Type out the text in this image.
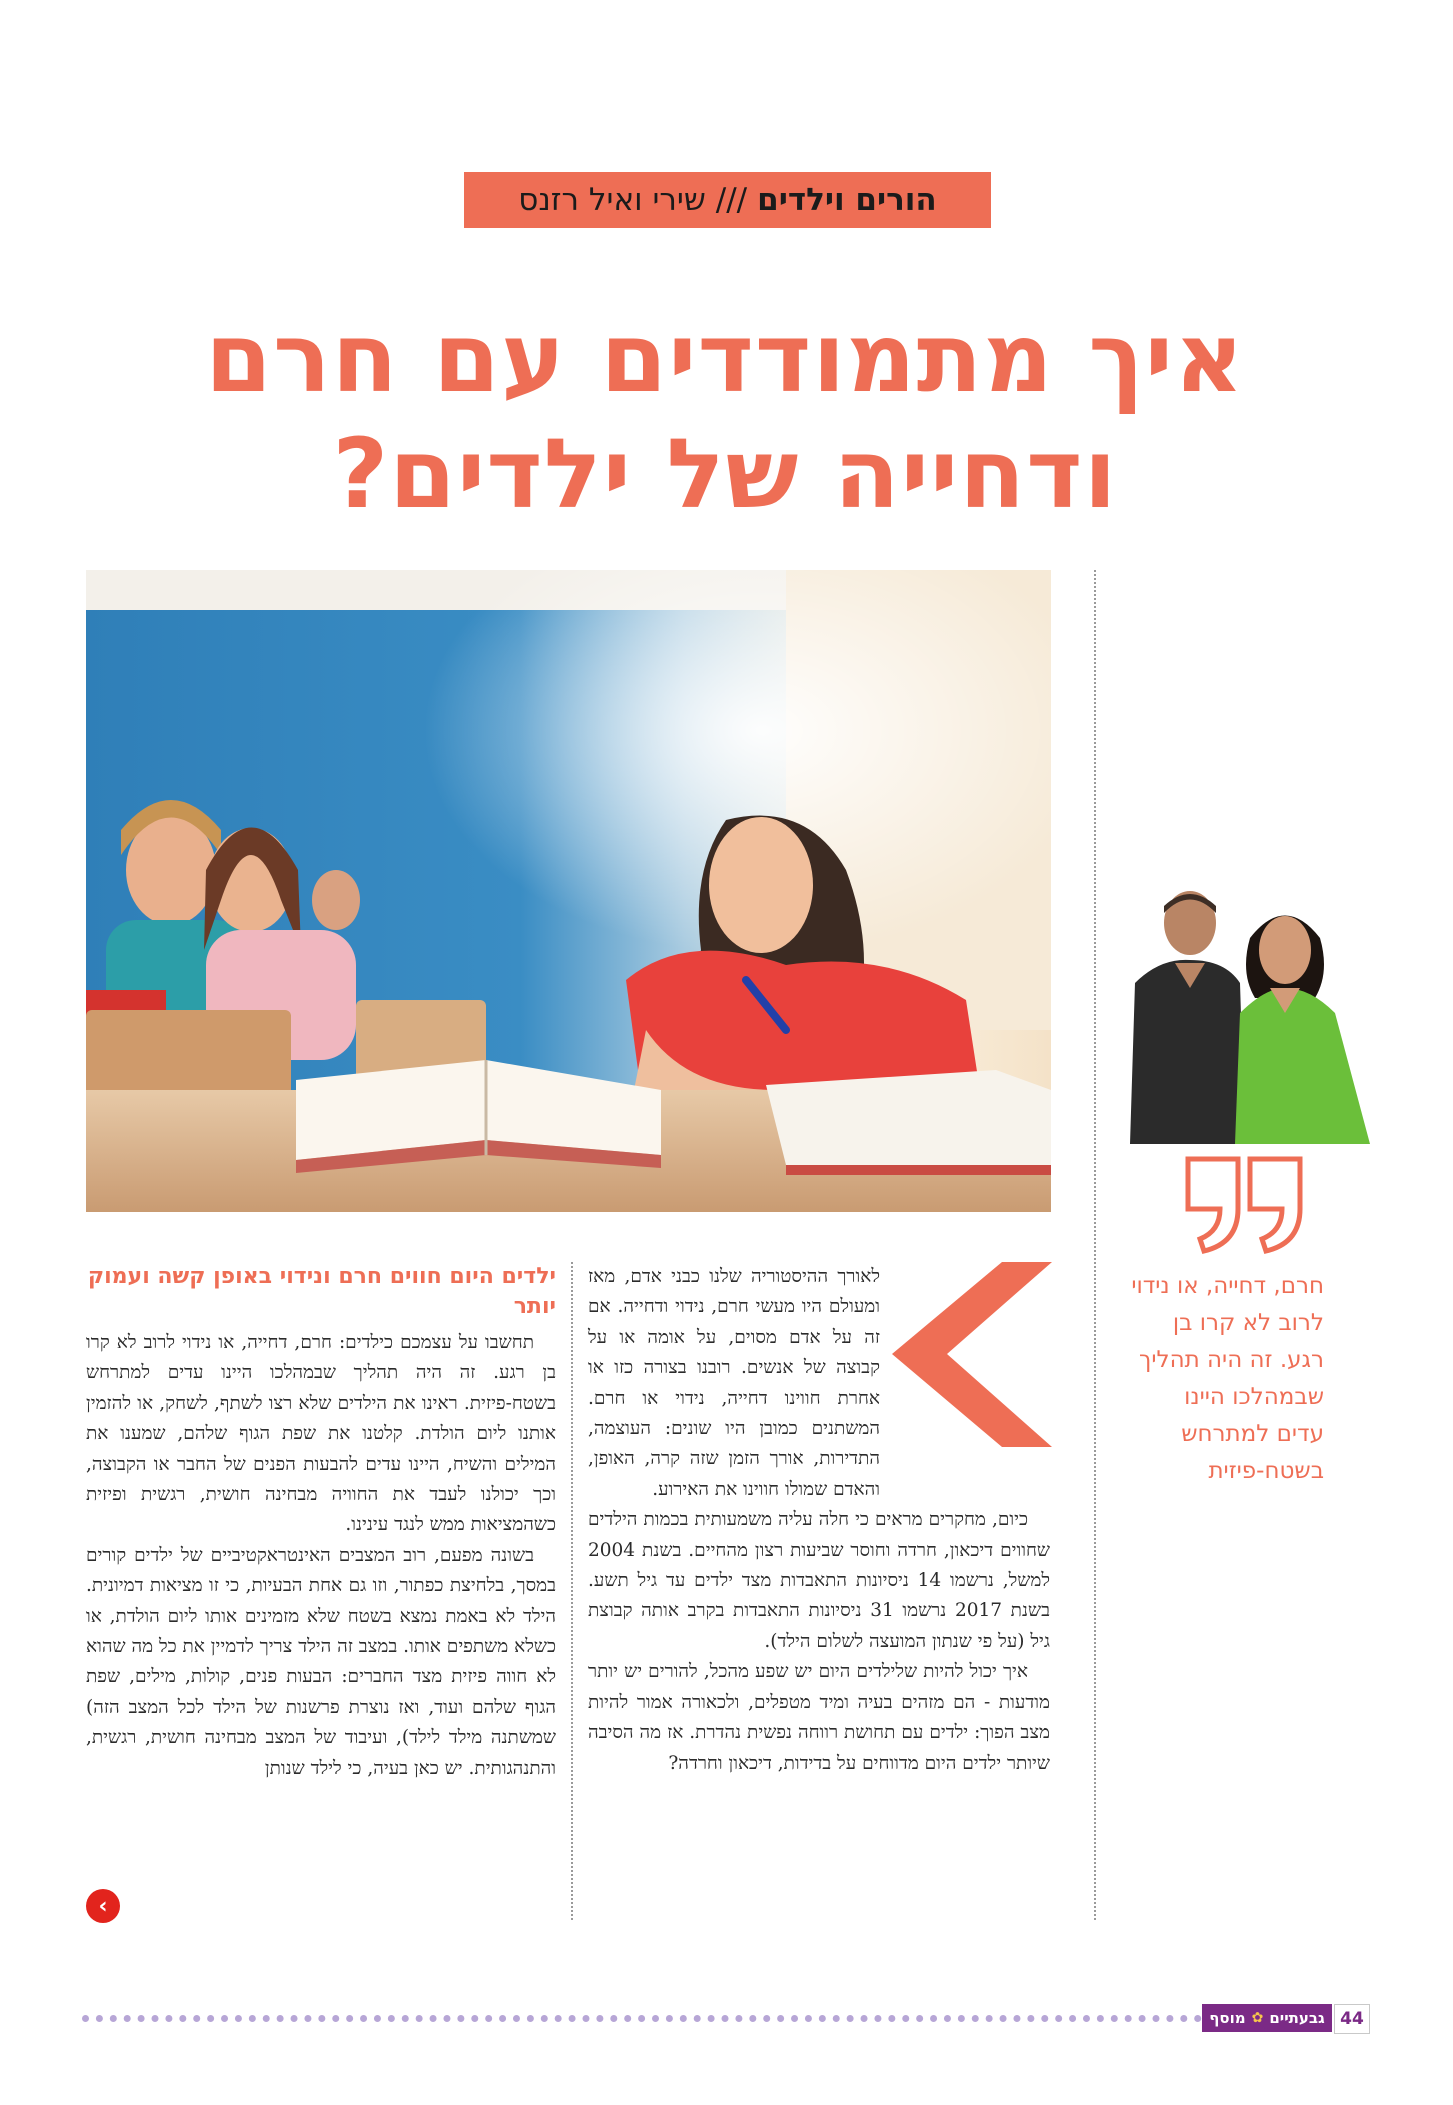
הורים וילדים
///
שירי ואיל רזנס
איך מתמודדים עם חרם
ודחייה של ילדים?
חרם, דחייה, או נידוי
לרוב לא קרו בן
רגע. זה היה תהליך
שבמהלכו היינו
עדים למתרחש
בשטח-פיזית

לאורך ההיסטוריה שלנו כבני אדם, מאז ומעולם היו מעשי חרם, נידוי ודחייה. אם זה על אדם מסוים, על אומה או על קבוצה של אנשים. רובנו בצורה כזו או אחרת חווינו דחייה, נידוי או חרם. המשתנים כמובן היו שונים: העוצמה, התדירות, אורך הזמן שזה קרה, האופן, והאדם שמולו חווינו את האירוע.

כיום, מחקרים מראים כי חלה עליה משמעותית בכמות הילדים שחווים דיכאון, חרדה וחוסר שביעות רצון מהחיים. בשנת 2004 למשל, נרשמו 14 ניסיונות התאבדות מצד ילדים עד גיל תשע. בשנת 2017 נרשמו 31 ניסיונות התאבדות בקרב אותה קבוצת גיל (על פי שנתון המועצה לשלום הילד).

איך יכול להיות שלילדים היום יש שפע מהכל, להורים יש יותר מודעות - הם מזהים בעיה ומיד מטפלים, ולכאורה אמור להיות מצב הפוך: ילדים עם תחושת רווחה נפשית נהדרת. אז מה הסיבה שיותר ילדים היום מדווחים על בדידות, דיכאון וחרדה?

ילדים היום חווים חרם ונידוי באופן קשה ועמוק יותר

תחשבו על עצמכם כילדים: חרם, דחייה, או נידוי לרוב לא קרו בן רגע. זה היה תהליך שבמהלכו היינו עדים למתרחש בשטח-פיזית. ראינו את הילדים שלא רצו לשתף, לשחק, או להזמין אותנו ליום הולדת. קלטנו את שפת הגוף שלהם, שמענו את המילים והשיח, היינו עדים להבעות הפנים של החבר או הקבוצה, וכך יכולנו לעבד את החוויה מבחינה חושית, רגשית ופיזית כשהמציאות ממש לנגד עינינו.

בשונה מפעם, רוב המצבים האינטראקטיביים של ילדים קורים במסך, בלחיצת כפתור, וזו גם אחת הבעיות, כי זו מציאות דמיונית. הילד לא באמת נמצא בשטח שלא מזמינים אותו ליום הולדת, או כשלא משתפים אותו. במצב זה הילד צריך לדמיין את כל מה שהוא לא חווה פיזית מצד החברים: הבעות פנים, קולות, מילים, שפת הגוף שלהם ועוד, ואז נוצרת פרשנות של הילד לכל המצב הזה) שמשתנה מילד לילד), ועיבוד של המצב מבחינה חושית, רגשית, והתנהגותית. יש כאן בעיה, כי לילד שנותן

‹
גבעתיים
✿
מוסף	44
